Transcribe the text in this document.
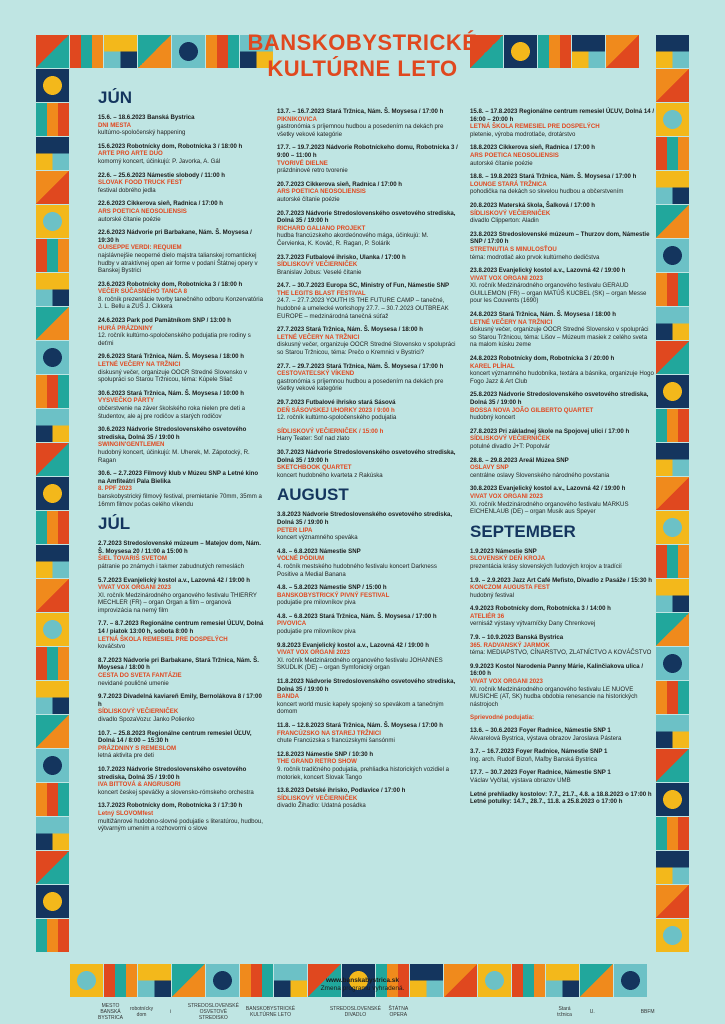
BANSKOBYSTRICKÉ
KULTÚRNE LETO
JÚN
15.6. – 18.6.2023 Banská Bystrica
DNI MESTA
kultúrno-spoločenský happening
15.6.2023 Robotnícky dom, Robotnícka 3 / 18:00 h
ARTE PRO ARTE DUO
komorný koncert, účinkujú: P. Javorka, A. Gál
22.6. – 25.6.2023 Námestie slobody / 11:00 h
SLOVAK FOOD TRUCK FEST
festival dobrého jedla
22.6.2023 Cikkerova sieň, Radnica / 17:00 h
ARS POETICA NEOSOLIENSIS
autorské čítanie poézie
22.6.2023 Nádvorie pri Barbakane, Nám. Š. Moysesa / 19:30 h
GUISEPPE VERDI: REQUIEM
najslávnejšie neoperné dielo majstra talianskej romantickej hudby v atraktívnej open air forme v podaní Štátnej opery v Banskej Bystrici
23.6.2023 Robotnícky dom, Robotnícka 3 / 18:00 h
VEČER SÚČASNÉHO TANCA 8
8. ročník prezentácie tvorby tanečného odboru Konzervatória J. L. Bellu a ZUŠ J. Cikkera
24.6.2023 Park pod Pamätníkom SNP / 13:00 h
HURÁ PRÁZDNINY
12. ročník kultúrno-spoločenského podujatia pre rodiny s deťmi
29.6.2023 Stará Tržnica, Nám. Š. Moysesa / 18:00 h
LETNÉ VEČERY NA TRŽNICI
diskusný večer, organizuje OOCR Stredné Slovensko v spolupráci so Starou Tržnicou, téma: Kúpele Sliač
30.6.2023 Stará Tržnica, Nám. Š. Moysesa / 10:00 h
VYSVEČKO PÁRTY
občerstvenie na záver školského roka nielen pre deti a študentov, ale aj pre rodičov a starých rodičov
30.6.2023 Nádvorie Stredoslovenského osvetového strediska, Dolná 35 / 19:00 h
SWINGIN'GENTLEMEN
hudobný koncert, účinkujú: M. Uherek, M. Zápotocký, R. Ragan
30.6. – 2.7.2023 Filmový klub v Múzeu SNP a Letné kino na Amfiteátri Pala Bielika
8. PPF 2023
banskobystrický filmový festival, premietanie 70mm, 35mm a 16mm filmov počas celého víkendu
JÚL
2.7.2023 Stredoslovenské múzeum – Matejov dom, Nám. Š. Moysesa 20 / 11:00 a 15:00 h
ŠIEL TOVARIŠ SVETOM
pátranie po známych i takmer zabudnutých remeslách
5.7.2023 Evanjelický kostol a.v., Lazovná 42 / 19:00 h
VIVAT VOX ORGANI 2023
XI. ročník Medzinárodného organového festivalu THIERRY MECHLER (FR) – organ Organ a film – organová improvizácia na nemý film
7.7. – 8.7.2023 Regionálne centrum remesiel ÚĽUV, Dolná 14 / piatok 13:00 h, sobota 8:00 h
LETNÁ ŠKOLA REMESIEL PRE DOSPELÝCH
kováčstvo
8.7.2023 Nádvorie pri Barbakane, Stará Tržnica, Nám. Š. Moysesa / 18:00 h
CESTA DO SVETA FANTÁZIE
nevidané pouličné umenie
9.7.2023 Divadelná kaviareň Emily, Bernolákova 8 / 17:00 h
SÍDLISKOVÝ VEČIERNIČEK
divadlo SpozaVozu: Janko Polienko
10.7. – 25.8.2023 Regionálne centrum remesiel ÚĽUV, Dolná 14 / 8:00 – 15:30 h
PRÁZDNINY S REMESLOM
letná aktivita pre deti
10.7.2023 Nádvorie Stredoslovenského osvetového strediska, Dolná 35 / 19:00 h
IVA BITTOVÁ & ANGRUSORI
koncert českej speváčky a slovensko-rómskeho orchestra
13.7.2023 Robotnícky dom, Robotnícka 3 / 17:30 h
Letný SLOVOMfest
multižánrové hudobno-slovné podujatie s literatúrou, hudbou, výtvarným umením a rozhovormi o slove
13.7. – 16.7.2023 Stará Tržnica, Nám. Š. Moysesa / 17:00 h
PIKNIKOVICA
gastronómia s príjemnou hudbou a posedením na dekách pre všetky vekové kategórie
17.7. – 19.7.2023 Nádvorie Robotníckeho domu, Robotnícka 3 / 9:00 – 11:00 h
TVORIVÉ DIELNE
prázdninové retro tvorenie
20.7.2023 Cikkerova sieň, Radnica / 17:00 h
ARS POETICA NEOSOLIENSIS
autorské čítanie poézie
20.7.2023 Nádvorie Stredoslovenského osvetového strediska, Dolná 35 / 19:00 h
RICHARD GALIANO PROJEKT
hudba francúzskeho akordeónového mága, účinkujú: M. Červienka, K. Kováč, R. Ragan, P. Solárik
23.7.2023 Futbalové ihrisko, Ulanka / 17:00 h
SÍDLISKOVÝ VEČIERNIČEK
Branislav Jobus: Veselé čítanie
24.7. – 30.7.2023 Europa SC, Ministry of Fun, Námestie SNP
THE LEGITS BLAST FESTIVAL
24.7. – 27.7.2023 YOUTH IS THE FUTURE CAMP – tanečné, hudobné a umelecké workshopy 27.7. – 30.7.2023 OUTBREAK EUROPE – medzinárodná tanečná súťaž
27.7.2023 Stará Tržnica, Nám. Š. Moysesa / 18:00 h
LETNÉ VEČERY NA TRŽNICI
diskusný večer, organizuje OOCR Stredné Slovensko v spolupráci so Starou Tržnicou, téma: Prečo o Kremnici v Bystrici?
27.7. – 29.7.2023 Stará Tržnica, Nám. Š. Moysesa / 17:00 h
CESTOVATEĽSKÝ VÍKEND
gastronómia s príjemnou hudbou a posedením na dekách pre všetky vekové kategórie
29.7.2023 Futbalové ihrisko stará Sásová
DEŇ SÁSOVSKEJ UHORKY 2023 / 9:00 h
12. ročník kultúrno-spoločenského podujatia
SÍDLISKOVÝ VEČIERNIČEK / 15:00 h
Harry Teater: Soľ nad zlato
30.7.2023 Nádvorie Stredoslovenského osvetového strediska, Dolná 35 / 19:00 h
SKETCHBOOK QUARTET
koncert hudobného kvarteta z Rakúska
AUGUST
3.8.2023 Nádvorie Stredoslovenského osvetového strediska, Dolná 35 / 19:00 h
PETER LIPA
koncert významného speváka
4.8. – 6.8.2023 Námestie SNP
VOĽNÉ PÓDIUM
4. ročník mestského hudobného festivalu koncert Darkness Positive a Medial Banana
4.8. – 5.8.2023 Námestie SNP / 15:00 h
BANSKOBYSTRICKÝ PIVNÝ FESTIVAL
podujatie pre milovníkov piva
4.8. – 6.8.2023 Stará Tržnica, Nám. Š. Moysesa / 17:00 h
PIVOVICA
podujatie pre milovníkov piva
9.8.2023 Evanjelický kostol a.v., Lazovná 42 / 19:00 h
VIVAT VOX ORGANI 2023
XI. ročník Medzinárodného organového festivalu JOHANNES SKUDLIK (DE) – organ Symfonický organ
11.8.2023 Nádvorie Stredoslovenského osvetového strediska, Dolná 35 / 19:00 h
BANDA
koncert world music kapely spojený so spevákom a tanečným domom
11.8. – 12.8.2023 Stará Tržnica, Nám. Š. Moysesa / 17:00 h
FRANCÚZSKO NA STAREJ TRŽNICI
chute Francúzska s francúzskymi šansónmi
12.8.2023 Námestie SNP / 10:30 h
THE GRAND RETRO SHOW
9. ročník tradičného podujatia, prehliadka historických vozidiel a motoriek, koncert Slovak Tango
13.8.2023 Detské ihrisko, Podlavice / 17:00 h
SÍDLISKOVÝ VEČIERNIČEK
divadlo Žihadlo: Udatná posádka
15.8. – 17.8.2023 Regionálne centrum remesiel ÚĽUV, Dolná 14 / 16:00 – 20:00 h
LETNÁ ŠKOLA REMESIEL PRE DOSPELÝCH
pletenie, výroba modrotlače, drotárstvo
18.8.2023 Cikkerova sieň, Radnica / 17:00 h
ARS POETICA NEOSOLIENSIS
autorské čítanie poézie
18.8. – 19.8.2023 Stará Tržnica, Nám. Š. Moysesa / 17:00 h
LOUNGE STARÁ TRŽNICA
pohodička na dekách so skvelou hudbou a občerstvením
20.8.2023 Materská škola, Šalková / 17:00 h
SÍDLISKOVÝ VEČIERNIČEK
divadlo Clipperton: Aladin
23.8.2023 Stredoslovenské múzeum – Thurzov dom, Námestie SNP / 17:00 h
STRETNUTIA S MINULOSŤOU
téma: modrotlač ako prvok kultúrneho dedičstva
23.8.2023 Evanjelický kostol a.v., Lazovná 42 / 19:00 h
VIVAT VOX ORGANI 2023
XI. ročník Medzinárodného organového festivalu GERAUD GUILLEMON (FR) – organ MATÚŠ KUCBEL (SK) – organ Messe pour les Couvents (1690)
24.8.2023 Stará Tržnica, Nám. Š. Moysesa / 18:00 h
LETNÉ VEČERY NA TRŽNICI
diskusný večer, organizuje OOCR Stredné Slovensko v spolupráci so Starou Tržnicou, téma: Lišov – Múzeum masiek z celého sveta na malom kúsku zeme
24.8.2023 Robotnícky dom, Robotnícka 3 / 20:00 h
KAREL PLÍHAL
koncert významného hudobníka, textára a básnika, organizuje Hogo Fogo Jazz & Art Club
25.8.2023 Nádvorie Stredoslovenského osvetového strediska, Dolná 35 / 19:00 h
BOSSA NOVA JOÃO GILBERTO QUARTET
hudobný koncert
27.8.2023 Pri základnej škole na Spojovej ulici / 17:00 h
SÍDLISKOVÝ VEČIERNIČEK
potulné divadlo J+T: Popolvár
28.8. – 29.8.2023 Areál Múzea SNP
OSLAVY SNP
centrálne oslavy Slovenského národného povstania
30.8.2023 Evanjelický kostol a.v., Lazovná 42 / 19:00 h
VIVAT VOX ORGANI 2023
XI. ročník Medzinárodného organového festivalu MARKUS EICHENLAUB (DE) – organ Musik aus Speyer
SEPTEMBER
1.9.2023 Námestie SNP
SLOVENSKÝ DEŇ KROJA
prezentácia krásy slovenských ľudových krojov a tradícií
1.9. – 2.9.2023 Jazz Art Café Mefisto, Divadlo z Pasáže / 15:30 h
KONCZOM AUGUSTA FEST
hudobný festival
4.9.2023 Robotnícky dom, Robotnícka 3 / 14:00 h
ATELIÉR 36
vernisáž výstavy výtvarníčky Dany Chrenkovej
7.9. – 10.9.2023 Banská Bystrica
365. RADVANSKÝ JARMOK
téma: MEDIAPSTVO, CÍNARSTVO, ZLATNÍCTVO A KOVÁČSTVO
9.9.2023 Kostol Narodenia Panny Márie, Kalinčiakova ulica / 16:00 h
VIVAT VOX ORGANI 2023
XI. ročník Medzinárodného organového festivalu LE NUOVE MUSICHE (AT, SK) hudba obdobia renesancie na historických nástrojoch
Sprievodné podujatia:
13.6. – 30.6.2023 Foyer Radnice, Námestie SNP 1
Akvarelová Bystrica, výstava obrazov Jaroslava Pástera
3.7. – 16.7.2023 Foyer Radnice, Námestie SNP 1
Ing. arch. Rudolf Bizoň, Maľby Banská Bystrica
17.7. – 30.7.2023 Foyer Radnice, Námestie SNP 1
Václav Vyčítal, výstava obrazov UMB
Letné prehliadky kostolov: 7.7., 21.7., 4.8. a 18.8.2023 o 17:00 h
Letné potulky: 14.7., 28.7., 11.8. a 25.8.2023 o 17:00 h
www.banskabystrica.sk
Zmena programu vyhradená.
MESTO BANSKÁ BYSTRICA
robotnícky dom	i
STREDOSLOVENSKÉ OSVETOVÉ STREDISKO
BANSKOBYSTRICKÉ KULTÚRNE LETO
STREDOSLOVENSKÉ DIVADLO
ŠTÁTNA OPERA
Stará tržnica	U.	BBFM
